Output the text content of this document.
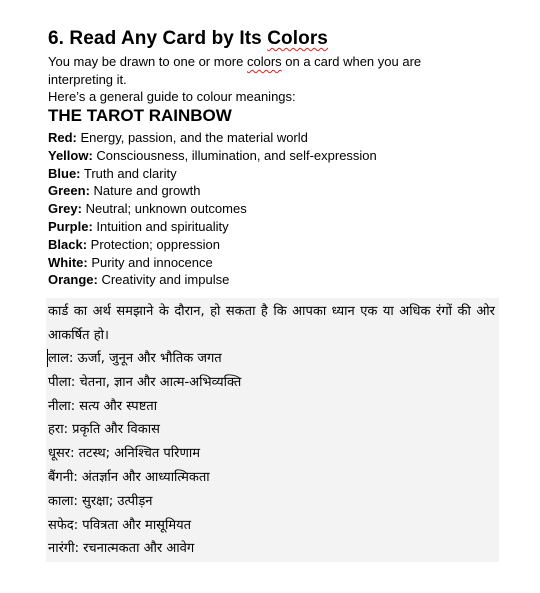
6. Read Any Card by Its Colors

You may be drawn to one or more colors on a card when you are interpreting it.

Here’s a general guide to colour meanings:

THE TAROT RAINBOW
Red: Energy, passion, and the material world
Yellow: Consciousness, illumination, and self-expression
Blue: Truth and clarity
Green: Nature and growth
Grey: Neutral; unknown outcomes
Purple: Intuition and spirituality
Black: Protection; oppression
White: Purity and innocence
Orange: Creativity and impulse

कार्ड का अर्थ समझाने के दौरान, हो सकता है कि आपका ध्यान एक या अधिक रंगों की ओर आकर्षित हो।

लाल: ऊर्जा, जुनून और भौतिक जगत
पीला: चेतना, ज्ञान और आत्म-अभिव्यक्ति
नीला: सत्य और स्पष्टता
हरा: प्रकृति और विकास
धूसर: तटस्थ; अनिश्चित परिणाम
बैंगनी: अंतर्ज्ञान और आध्यात्मिकता
काला: सुरक्षा; उत्पीड़न
सफेद: पवित्रता और मासूमियत
नारंगी: रचनात्मकता और आवेग
